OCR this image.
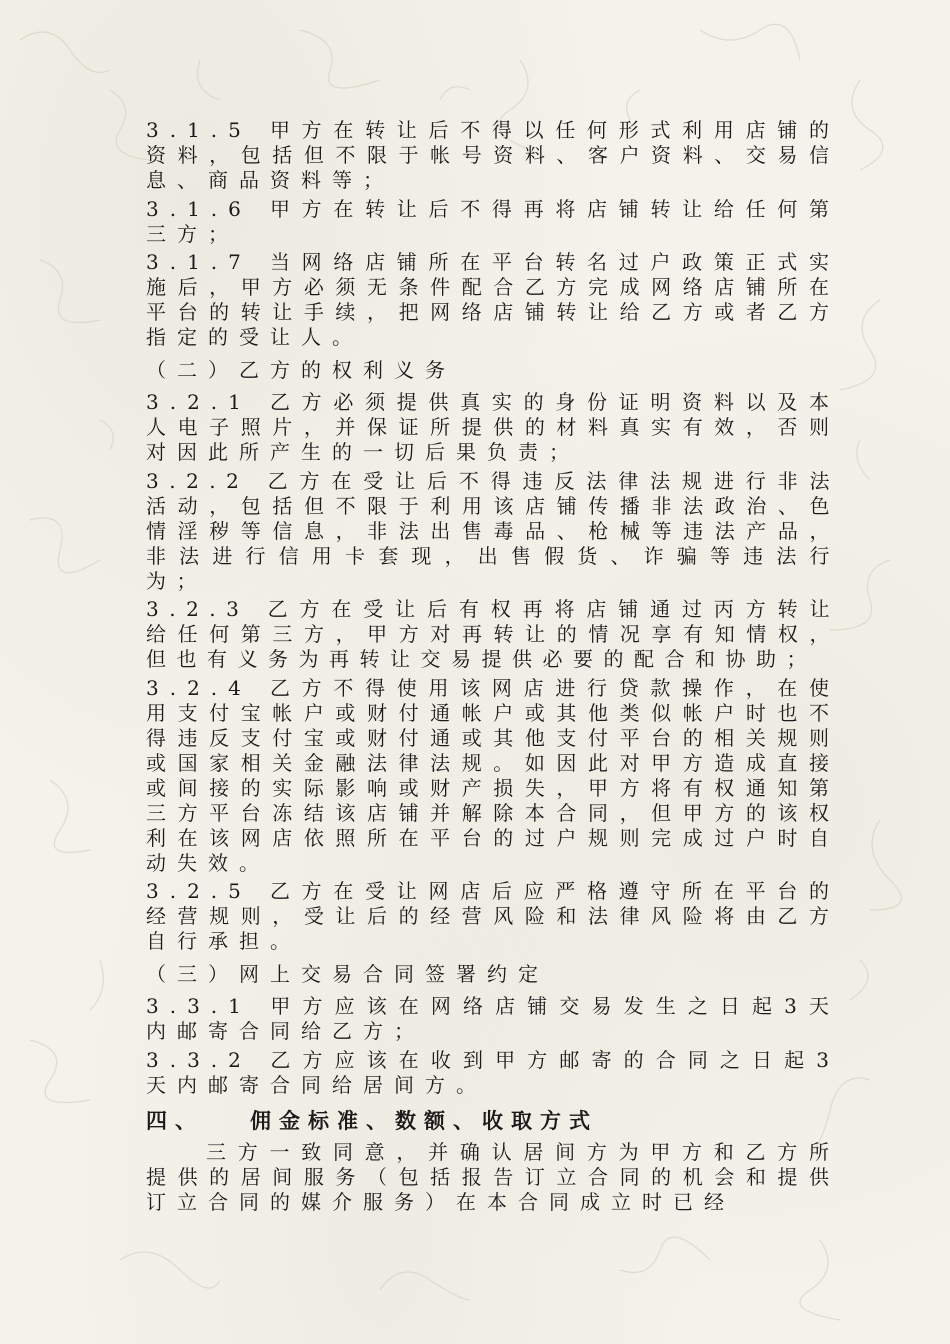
3.1.5 甲方在转让后不得以任何形式利用店铺的资料，包括但不限于帐号资料、客户资料、交易信息、商品资料等；

3.1.6 甲方在转让后不得再将店铺转让给任何第三方；

3.1.7 当网络店铺所在平台转名过户政策正式实施后，甲方必须无条件配合乙方完成网络店铺所在平台的转让手续，把网络店铺转让给乙方或者乙方指定的受让人。

（二）乙方的权利义务

3.2.1 乙方必须提供真实的身份证明资料以及本人电子照片，并保证所提供的材料真实有效，否则对因此所产生的一切后果负责；

3.2.2 乙方在受让后不得违反法律法规进行非法活动，包括但不限于利用该店铺传播非法政治、色情淫秽等信息，非法出售毒品、枪械等违法产品，非法进行信用卡套现，出售假货、诈骗等违法行为；

3.2.3 乙方在受让后有权再将店铺通过丙方转让给任何第三方，甲方对再转让的情况享有知情权，但也有义务为再转让交易提供必要的配合和协助；

3.2.4 乙方不得使用该网店进行贷款操作，在使用支付宝帐户或财付通帐户或其他类似帐户时也不得违反支付宝或财付通或其他支付平台的相关规则或国家相关金融法律法规。如因此对甲方造成直接或间接的实际影响或财产损失，甲方将有权通知第三方平台冻结该店铺并解除本合同，但甲方的该权利在该网店依照所在平台的过户规则完成过户时自动失效。

3.2.5 乙方在受让网店后应严格遵守所在平台的经营规则，受让后的经营风险和法律风险将由乙方自行承担。

（三）网上交易合同签署约定

3.3.1 甲方应该在网络店铺交易发生之日起3天内邮寄合同给乙方；

3.3.2 乙方应该在收到甲方邮寄的合同之日起3天内邮寄合同给居间方。

四、 佣金标准、数额、收取方式

三方一致同意，并确认居间方为甲方和乙方所提供的居间服务（包括报告订立合同的机会和提供订立合同的媒介服务）在本合同成立时已经
